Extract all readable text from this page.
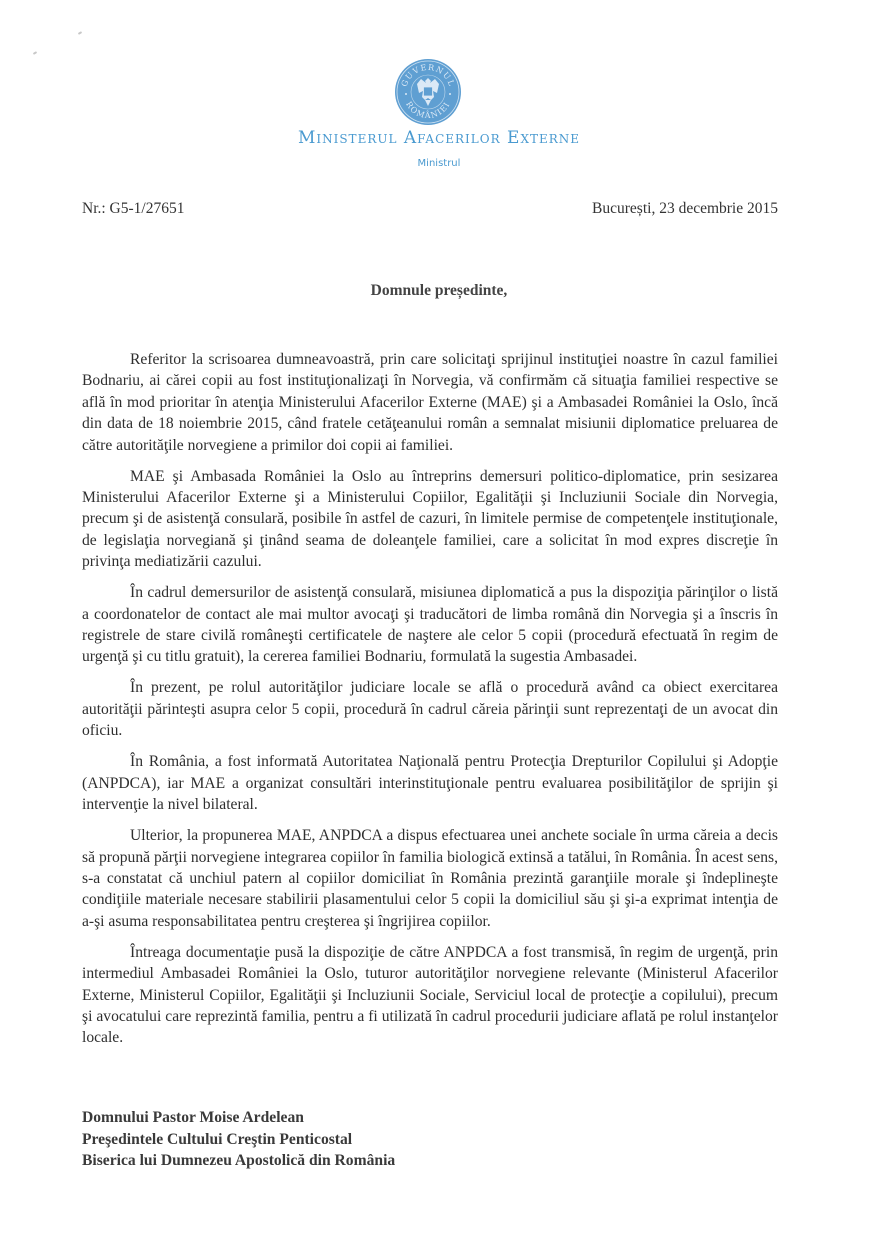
GUVERNUL
ROMÂNIEI
Ministerul Afacerilor Externe
Ministrul
Nr.: G5-1/27651	București, 23 decembrie 2015
Domnule președinte,

Referitor la scrisoarea dumneavoastră, prin care solicitaţi sprijinul instituţiei noastre în cazul familiei Bodnariu, ai cărei copii au fost instituţionalizaţi în Norvegia, vă confirmăm că situaţia familiei respective se află în mod prioritar în atenţia Ministerului Afacerilor Externe (MAE) şi a Ambasadei României la Oslo, încă din data de 18 noiembrie 2015, când fratele cetăţeanului român a semnalat misiunii diplomatice preluarea de către autorităţile norvegiene a primilor doi copii ai familiei.

MAE şi Ambasada României la Oslo au întreprins demersuri politico-diplomatice, prin sesizarea Ministerului Afacerilor Externe şi a Ministerului Copiilor, Egalităţii şi Incluziunii Sociale din Norvegia, precum şi de asistenţă consulară, posibile în astfel de cazuri, în limitele permise de competenţele instituţionale, de legislaţia norvegiană şi ţinând seama de doleanţele familiei, care a solicitat în mod expres discreţie în privinţa mediatizării cazului.

În cadrul demersurilor de asistenţă consulară, misiunea diplomatică a pus la dispoziţia părinţilor o listă a coordonatelor de contact ale mai multor avocaţi şi traducători de limba română din Norvegia şi a înscris în registrele de stare civilă româneşti certificatele de naştere ale celor 5 copii (procedură efectuată în regim de urgenţă şi cu titlu gratuit), la cererea familiei Bodnariu, formulată la sugestia Ambasadei.

În prezent, pe rolul autorităţilor judiciare locale se află o procedură având ca obiect exercitarea autorităţii părinteşti asupra celor 5 copii, procedură în cadrul căreia părinţii sunt reprezentaţi de un avocat din oficiu.

În România, a fost informată Autoritatea Naţională pentru Protecţia Drepturilor Copilului şi Adopţie (ANPDCA), iar MAE a organizat consultări interinstituţionale pentru evaluarea posibilităţilor de sprijin şi intervenţie la nivel bilateral.

Ulterior, la propunerea MAE, ANPDCA a dispus efectuarea unei anchete sociale în urma căreia a decis să propună părţii norvegiene integrarea copiilor în familia biologică extinsă a tatălui, în România. În acest sens, s-a constatat că unchiul patern al copiilor domiciliat în România prezintă garanţiile morale şi îndeplineşte condiţiile materiale necesare stabilirii plasamentului celor 5 copii la domiciliul său şi şi-a exprimat intenţia de a-şi asuma responsabilitatea pentru creşterea şi îngrijirea copiilor.

Întreaga documentaţie pusă la dispoziţie de către ANPDCA a fost transmisă, în regim de urgenţă, prin intermediul Ambasadei României la Oslo, tuturor autorităţilor norvegiene relevante (Ministerul Afacerilor Externe, Ministerul Copiilor, Egalităţii şi Incluziunii Sociale, Serviciul local de protecţie a copilului), precum şi avocatului care reprezintă familia, pentru a fi utilizată în cadrul procedurii judiciare aflată pe rolul instanţelor locale.

Domnului Pastor Moise Ardelean
Preşedintele Cultului Creştin Penticostal
Biserica lui Dumnezeu Apostolică din România
